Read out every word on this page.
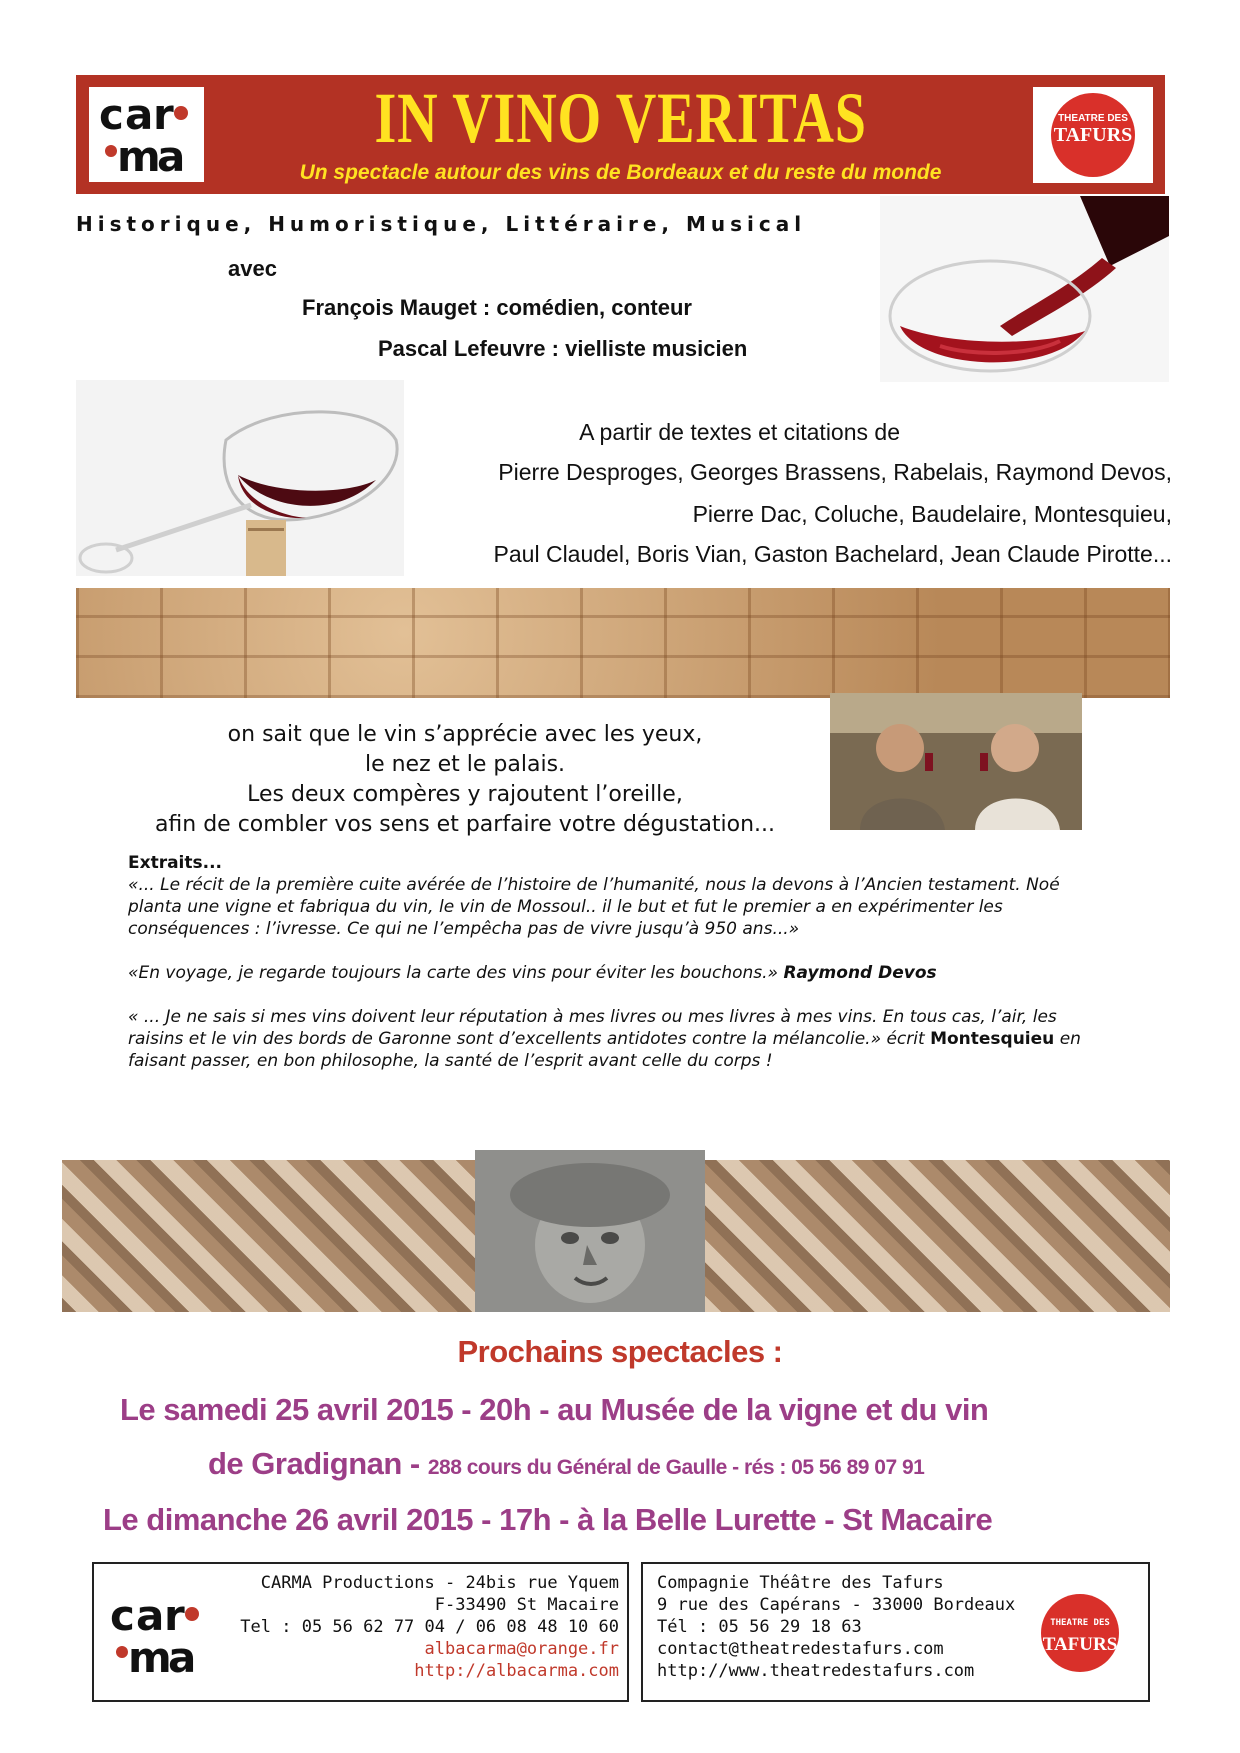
c a r
m
a	IN VINO VERITAS
Un spectacle autour des vins de Bordeaux et du reste du monde
THEATRE DES
TAFURS
Historique, Humoristique, Littéraire, Musical
avec
François Mauget : comédien, conteur
Pascal Lefeuvre : vielliste musicien
A partir de textes et citations de
Pierre Desproges, Georges Brassens, Rabelais, Raymond Devos,
Pierre Dac, Coluche, Baudelaire, Montesquieu,
Paul Claudel, Boris Vian, Gaston Bachelard, Jean Claude Pirotte...
on sait que le vin s’apprécie avec les yeux,
le nez et le palais.
Les deux compères y rajoutent l’oreille,
afin de combler vos sens et parfaire votre dégustation...

Extraits...

«... Le récit de la première cuite avérée de l’histoire de l’humanité, nous la devons à l’Ancien testament. Noé planta une vigne et fabriqua du vin, le vin de Mossoul.. il le but et fut le premier a en expérimenter les conséquences : l’ivresse. Ce qui ne l’empêcha pas de vivre jusqu’à 950 ans...»

«En voyage, je regarde toujours la carte des vins pour éviter les bouchons.» Raymond Devos

« ... Je ne sais si mes vins doivent leur réputation à mes livres ou mes livres à mes vins. En tous cas, l’air, les raisins et le vin des bords de Garonne sont d’excellents antidotes contre la mélancolie.» écrit Montesquieu en faisant passer, en bon philosophe, la santé de l’esprit avant celle du corps !

Prochains spectacles :
Le samedi 25 avril 2015 - 20h - au Musée de la vigne et du vin
de Gradignan - 288 cours du Général de Gaulle - rés : 05 56 89 07 91
Le dimanche 26 avril 2015 - 17h - à la Belle Lurette - St Macaire
c a r
m
a
CARMA Productions - 24bis rue Yquem
F-33490 St Macaire
Tel : 05 56 62 77 04 / 06 08 48 10 60
albacarma@orange.fr
http://albacarma.com
Compagnie Théâtre des Tafurs
9 rue des Capérans - 33000 Bordeaux
Tél : 05 56 29 18 63
contact@theatredestafurs.com
http://www.theatredestafurs.com
THEATRE DES
TAFURS
